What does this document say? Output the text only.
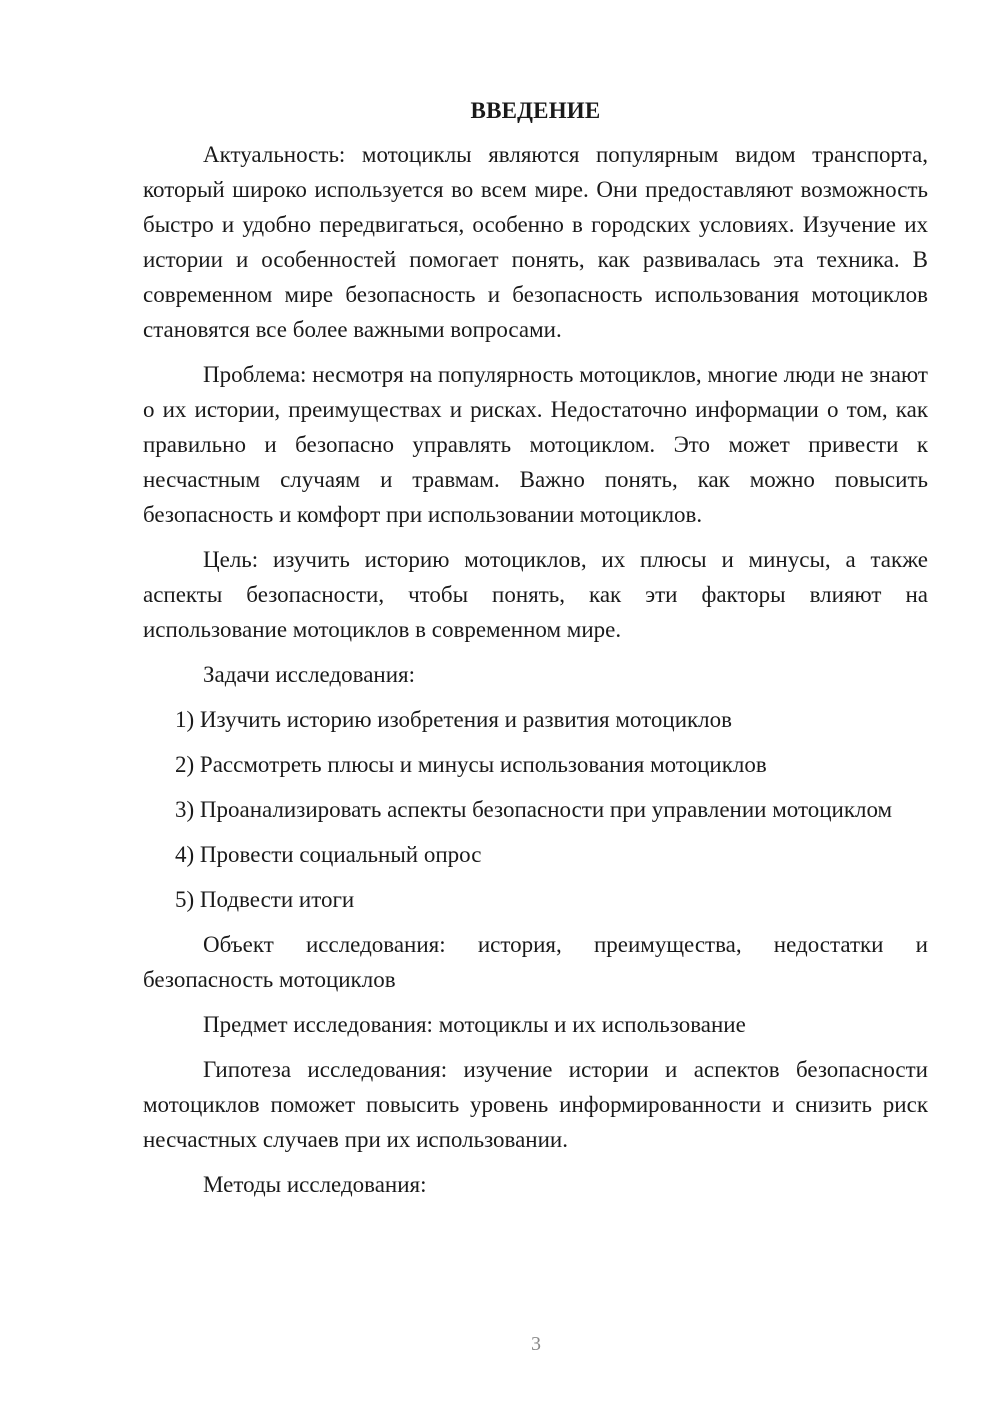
ВВЕДЕНИЕ

Актуальность: мотоциклы являются популярным видом транспорта, который широко используется во всем мире. Они предоставляют возможность быстро и удобно передвигаться, особенно в городских условиях. Изучение их истории и особенностей помогает понять, как развивалась эта техника. В современном мире безопасность и безопасность использования мотоциклов становятся все более важными вопросами.

Проблема: несмотря на популярность мотоциклов, многие люди не знают о их истории, преимуществах и рисках. Недостаточно информации о том, как правильно и безопасно управлять мотоциклом. Это может привести к несчастным случаям и травмам. Важно понять, как можно повысить безопасность и комфорт при использовании мотоциклов.

Цель: изучить историю мотоциклов, их плюсы и минусы, а также аспекты безопасности, чтобы понять, как эти факторы влияют на использование мотоциклов в современном мире.

Задачи исследования:

1) Изучить историю изобретения и развития мотоциклов

2) Рассмотреть плюсы и минусы использования мотоциклов

3) Проанализировать аспекты безопасности при управлении мотоциклом

4) Провести социальный опрос

5) Подвести итоги

Объект исследования: история, преимущества, недостатки и безопасность мотоциклов

Предмет исследования: мотоциклы и их использование

Гипотеза исследования: изучение истории и аспектов безопасности мотоциклов поможет повысить уровень информированности и снизить риск несчастных случаев при их использовании.

Методы исследования:

3
